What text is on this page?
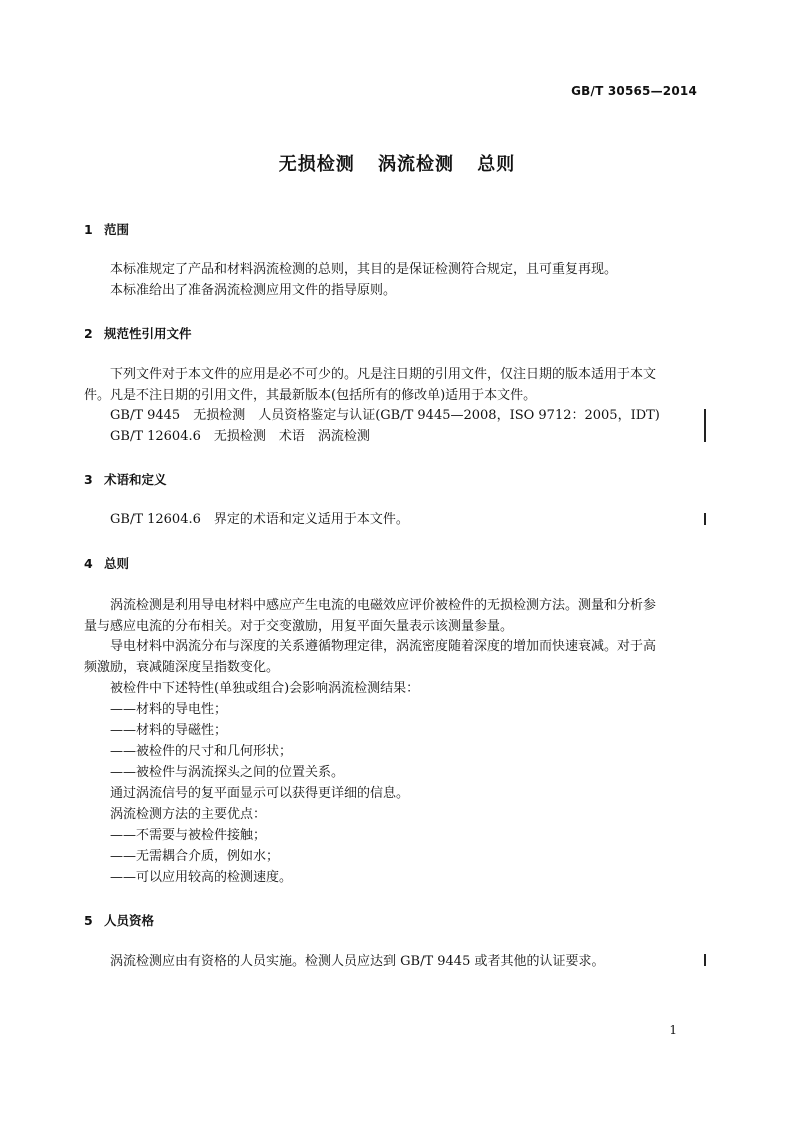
GB/T 30565—2014
无损检测 涡流检测 总则
1 范围
本标准规定了产品和材料涡流检测的总则，其目的是保证检测符合规定，且可重复再现。
本标准给出了准备涡流检测应用文件的指导原则。
2 规范性引用文件
下列文件对于本文件的应用是必不可少的。凡是注日期的引用文件，仅注日期的版本适用于本文
件。凡是不注日期的引用文件，其最新版本(包括所有的修改单)适用于本文件。
GB/T 9445　无损检测　人员资格鉴定与认证(GB/T 9445—2008，ISO 9712：2005，IDT)
GB/T 12604.6　无损检测　术语　涡流检测
3 术语和定义
GB/T 12604.6　界定的术语和定义适用于本文件。
4 总则
涡流检测是利用导电材料中感应产生电流的电磁效应评价被检件的无损检测方法。测量和分析参
量与感应电流的分布相关。对于交变激励，用复平面矢量表示该测量参量。
导电材料中涡流分布与深度的关系遵循物理定律，涡流密度随着深度的增加而快速衰减。对于高
频激励，衰减随深度呈指数变化。
被检件中下述特性(单独或组合)会影响涡流检测结果：
——材料的导电性；
——材料的导磁性；
——被检件的尺寸和几何形状；
——被检件与涡流探头之间的位置关系。
通过涡流信号的复平面显示可以获得更详细的信息。
涡流检测方法的主要优点：
——不需要与被检件接触；
——无需耦合介质，例如水；
——可以应用较高的检测速度。
5 人员资格
涡流检测应由有资格的人员实施。检测人员应达到 GB/T 9445 或者其他的认证要求。
1
